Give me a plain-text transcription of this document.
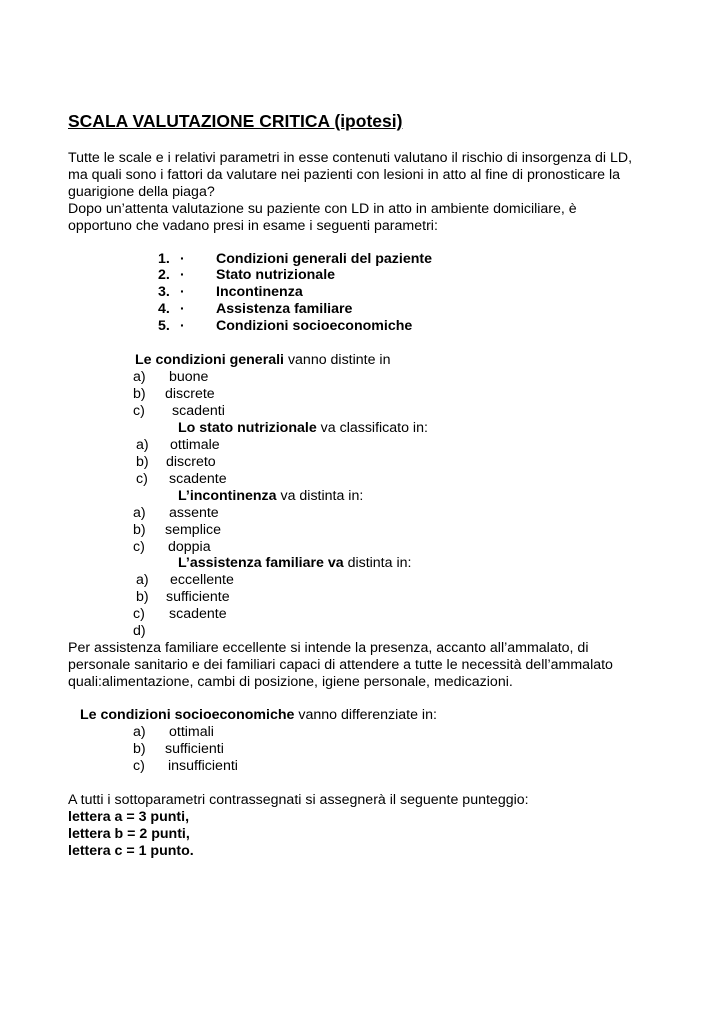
SCALA VALUTAZIONE CRITICA (ipotesi)
Tutte le scale e i relativi parametri in esse contenuti valutano il rischio di insorgenza di LD,
ma quali sono i fattori da valutare nei pazienti con lesioni in atto al fine di pronosticare la
guarigione della piaga?
Dopo un’attenta valutazione su paziente con LD in atto in ambiente domiciliare, è
opportuno che vadano presi in esame i seguenti parametri:
1. · Condizioni generali del paziente
2. · Stato nutrizionale
3. · Incontinenza
4. · Assistenza familiare
5. · Condizioni socioeconomiche
Le condizioni generali vanno distinte in
a) buone
b) discrete
c) scadenti
Lo stato nutrizionale va classificato in:
a) ottimale
b) discreto
c) scadente
L’incontinenza va distinta in:
a) assente
b) semplice
c) doppia
L’assistenza familiare va distinta in:
a) eccellente
b) sufficiente
c) scadente
d)
Per assistenza familiare eccellente si intende la presenza, accanto all’ammalato, di
personale sanitario e dei familiari capaci di attendere a tutte le necessità dell’ammalato
quali:alimentazione, cambi di posizione, igiene personale, medicazioni.
Le condizioni socioeconomiche vanno differenziate in:
a) ottimali
b) sufficienti
c) insufficienti
A tutti i sottoparametri contrassegnati si assegnerà il seguente punteggio:
lettera a = 3 punti,
lettera b = 2 punti,
lettera c = 1 punto.
